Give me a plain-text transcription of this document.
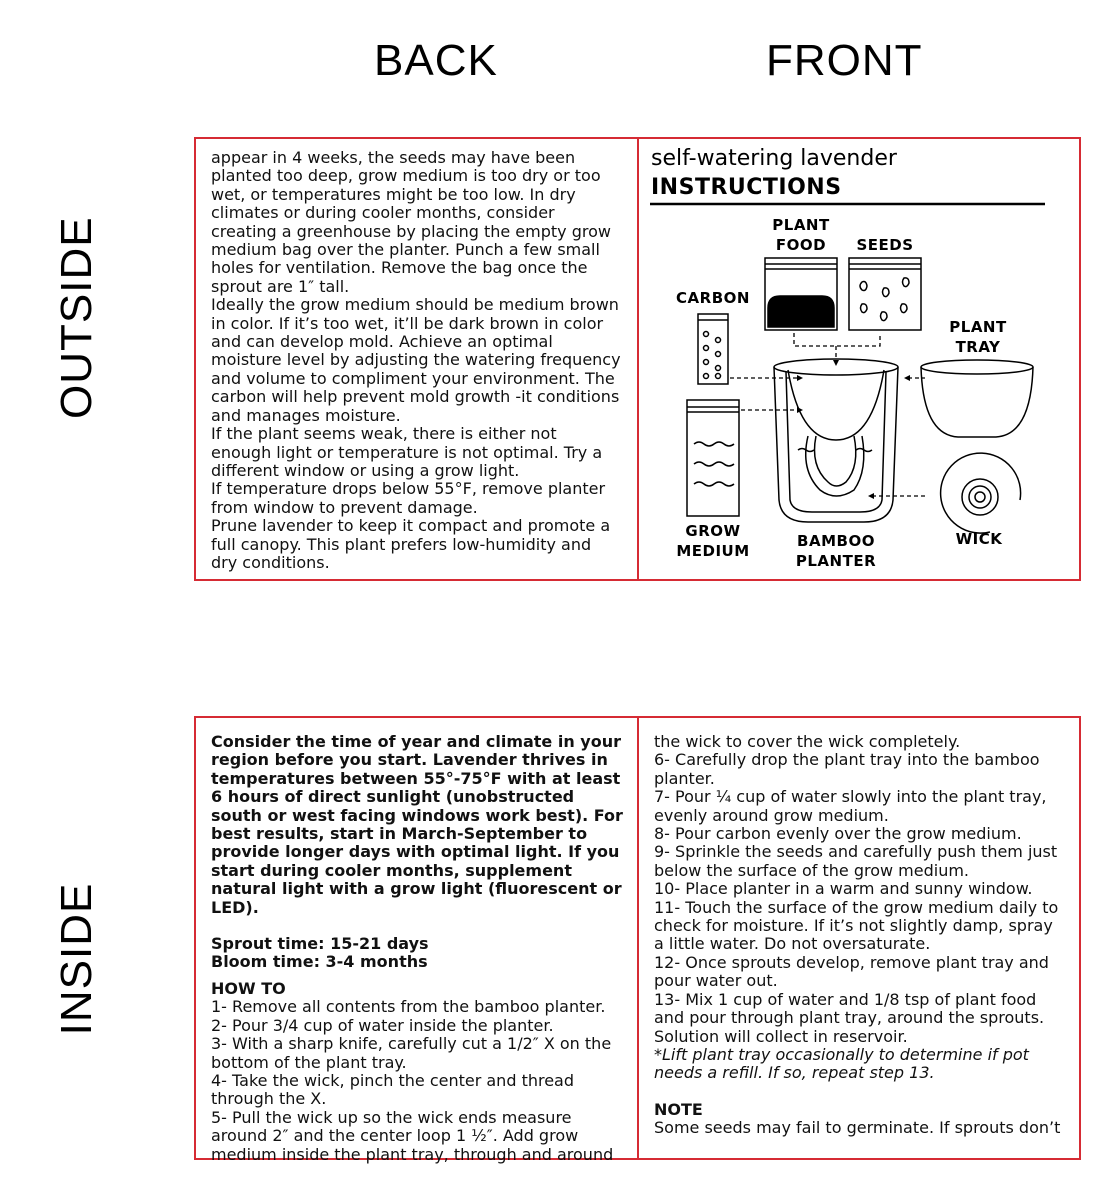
BACK	FRONT
OUTSIDE
INSIDE

appear in 4 weeks, the seeds may have been planted too deep, grow medium is too dry or too wet, or temperatures might be too low. In dry climates or during cooler months, consider creating a greenhouse by placing the empty grow medium bag over the planter. Punch a few small holes for ventilation. Remove the bag once the sprout are 1″ tall.

Ideally the grow medium should be medium brown in color. If it’s too wet, it’ll be dark brown in color and can develop mold. Achieve an optimal moisture level by adjusting the watering frequency and volume to compliment your environment. The carbon will help prevent mold growth -it conditions and manages moisture.

If the plant seems weak, there is either not enough light or temperature is not optimal. Try a different window or using a grow light.

If temperature drops below 55°F, remove planter from window to prevent damage.

Prune lavender to keep it compact and promote a full canopy. This plant prefers low-humidity and dry conditions.

self-watering lavender
INSTRUCTIONS
PLANT
FOOD SEEDS
CARBON
PLANT
TRAY
GROW
MEDIUM
BAMBOO
PLANTER
WICK

Consider the time of year and climate in your region before you start. Lavender thrives in temperatures between 55°-75°F with at least 6 hours of direct sunlight (unobstructed south or west facing windows work best). For best results, start in March-September to provide longer days with optimal light. If you start during cooler months, supplement natural light with a grow light (fluorescent or LED).

Sprout time: 15-21 days

Bloom time: 3-4 months

HOW TO

1- Remove all contents from the bamboo planter.

2- Pour 3/4 cup of water inside the planter.

3- With a sharp knife, carefully cut a 1/2″ X on the bottom of the plant tray.

4- Take the wick, pinch the center and thread through the X.

5- Pull the wick up so the wick ends measure around 2″ and the center loop 1 ½″. Add grow medium inside the plant tray, through and around

the wick to cover the wick completely.

6- Carefully drop the plant tray into the bamboo planter.

7- Pour ¼ cup of water slowly into the plant tray, evenly around grow medium.

8- Pour carbon evenly over the grow medium.

9- Sprinkle the seeds and carefully push them just below the surface of the grow medium.

10- Place planter in a warm and sunny window.

11- Touch the surface of the grow medium daily to check for moisture. If it’s not slightly damp, spray a little water. Do not oversaturate.

12- Once sprouts develop, remove plant tray and pour water out.

13- Mix 1 cup of water and 1/8 tsp of plant food and pour through plant tray, around the sprouts. Solution will collect in reservoir.

*Lift plant tray occasionally to determine if pot needs a refill. If so, repeat step 13.

NOTE

Some seeds may fail to germinate. If sprouts don’t
